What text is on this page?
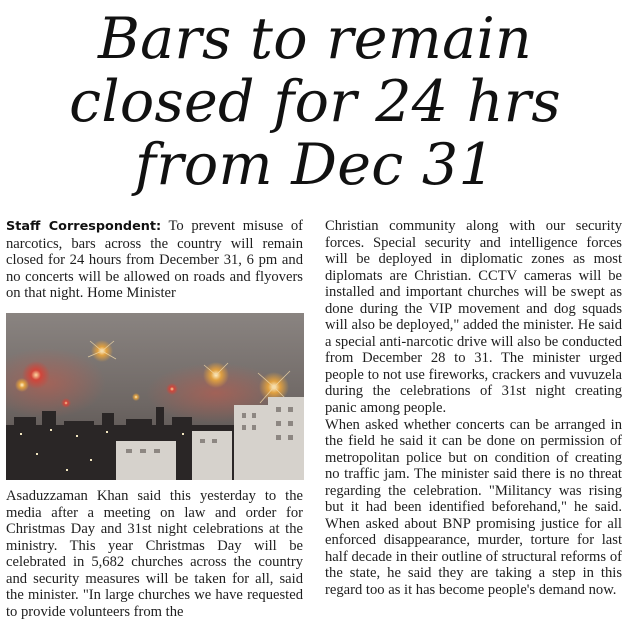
Bars to remain
closed for 24 hrs
from Dec 31

Staff Correspondent: To prevent misuse of narcotics, bars across the country will remain closed for 24 hours from December 31, 6 pm and no concerts will be allowed on roads and flyovers on that night. Home Minister

Asaduzzaman Khan said this yesterday to the media after a meeting on law and order for Christmas Day and 31st night celebrations at the ministry. This year Christmas Day will be celebrated in 5,682 churches across the country and security measures will be taken for all, said the minister. "In large churches we have requested to provide volunteers from the

Christian community along with our security forces. Special security and intelligence forces will be deployed in diplomatic zones as most diplomats are Christian. CCTV cameras will be installed and important churches will be swept as done during the VIP movement and dog squads will also be deployed," added the minister. He said a special anti-narcotic drive will also be conducted from December 28 to 31. The minister urged people to not use fireworks, crackers and vuvuzela during the celebrations of 31st night creating panic among people.

When asked whether concerts can be arranged in the field he said it can be done on permission of metropolitan police but on condition of creating no traffic jam. The minister said there is no threat regarding the celebration. "Militancy was rising but it had been identified beforehand," he said. When asked about BNP promising justice for all enforced disappearance, murder, torture for last half decade in their outline of structural reforms of the state, he said they are taking a step in this regard too as it has become people's demand now.
